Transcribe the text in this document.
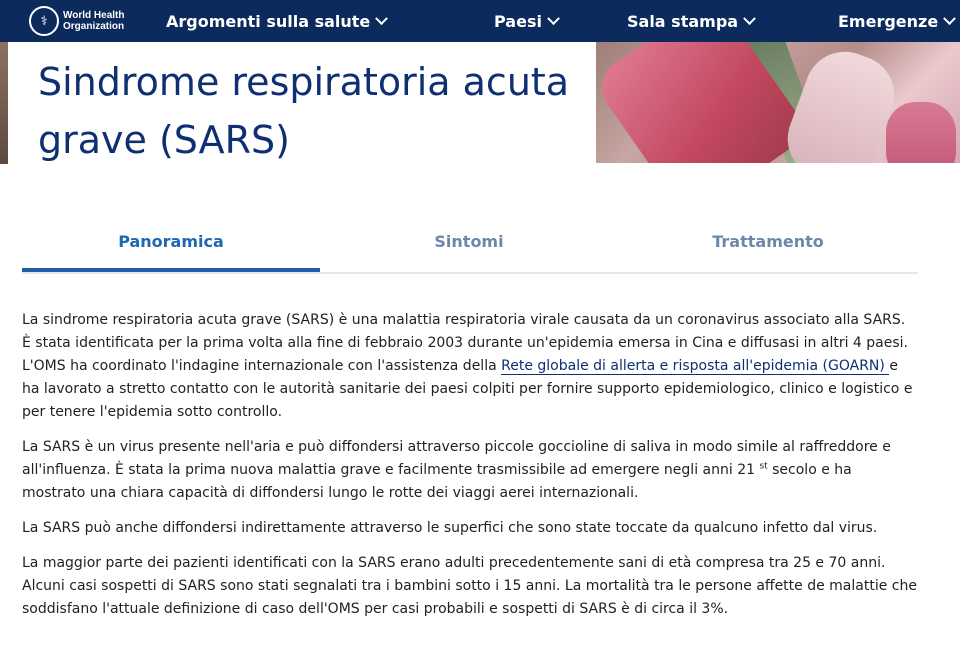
⚕	World Health
Organization	Argomenti sulla salute	Paesi	Sala stampa	Emergenze
Sindrome respiratoria acuta grave (SARS)
Panoramica	Sintomi	Trattamento

La sindrome respiratoria acuta grave (SARS) è una malattia respiratoria virale causata da un coronavirus associato alla SARS. È stata identificata per la prima volta alla fine di febbraio 2003 durante un'epidemia emersa in Cina e diffusasi in altri 4 paesi. L'OMS ha coordinato l'indagine internazionale con l'assistenza della Rete globale di allerta e risposta all'epidemia (GOARN) e ha lavorato a stretto contatto con le autorità sanitarie dei paesi colpiti per fornire supporto epidemiologico, clinico e logistico e per tenere l'epidemia sotto controllo.

La SARS è un virus presente nell'aria e può diffondersi attraverso piccole goccioline di saliva in modo simile al raffreddore e all'influenza. È stata la prima nuova malattia grave e facilmente trasmissibile ad emergere negli anni 21 $^{st}$ secolo e ha mostrato una chiara capacità di diffondersi lungo le rotte dei viaggi aerei internazionali.

La SARS può anche diffondersi indirettamente attraverso le superfici che sono state toccate da qualcuno infetto dal virus.

La maggior parte dei pazienti identificati con la SARS erano adulti precedentemente sani di età compresa tra 25 e 70 anni. Alcuni casi sospetti di SARS sono stati segnalati tra i bambini sotto i 15 anni. La mortalità tra le persone affette de malattie che soddisfano l'attuale definizione di caso dell'OMS per casi probabili e sospetti di SARS è di circa il 3%.
